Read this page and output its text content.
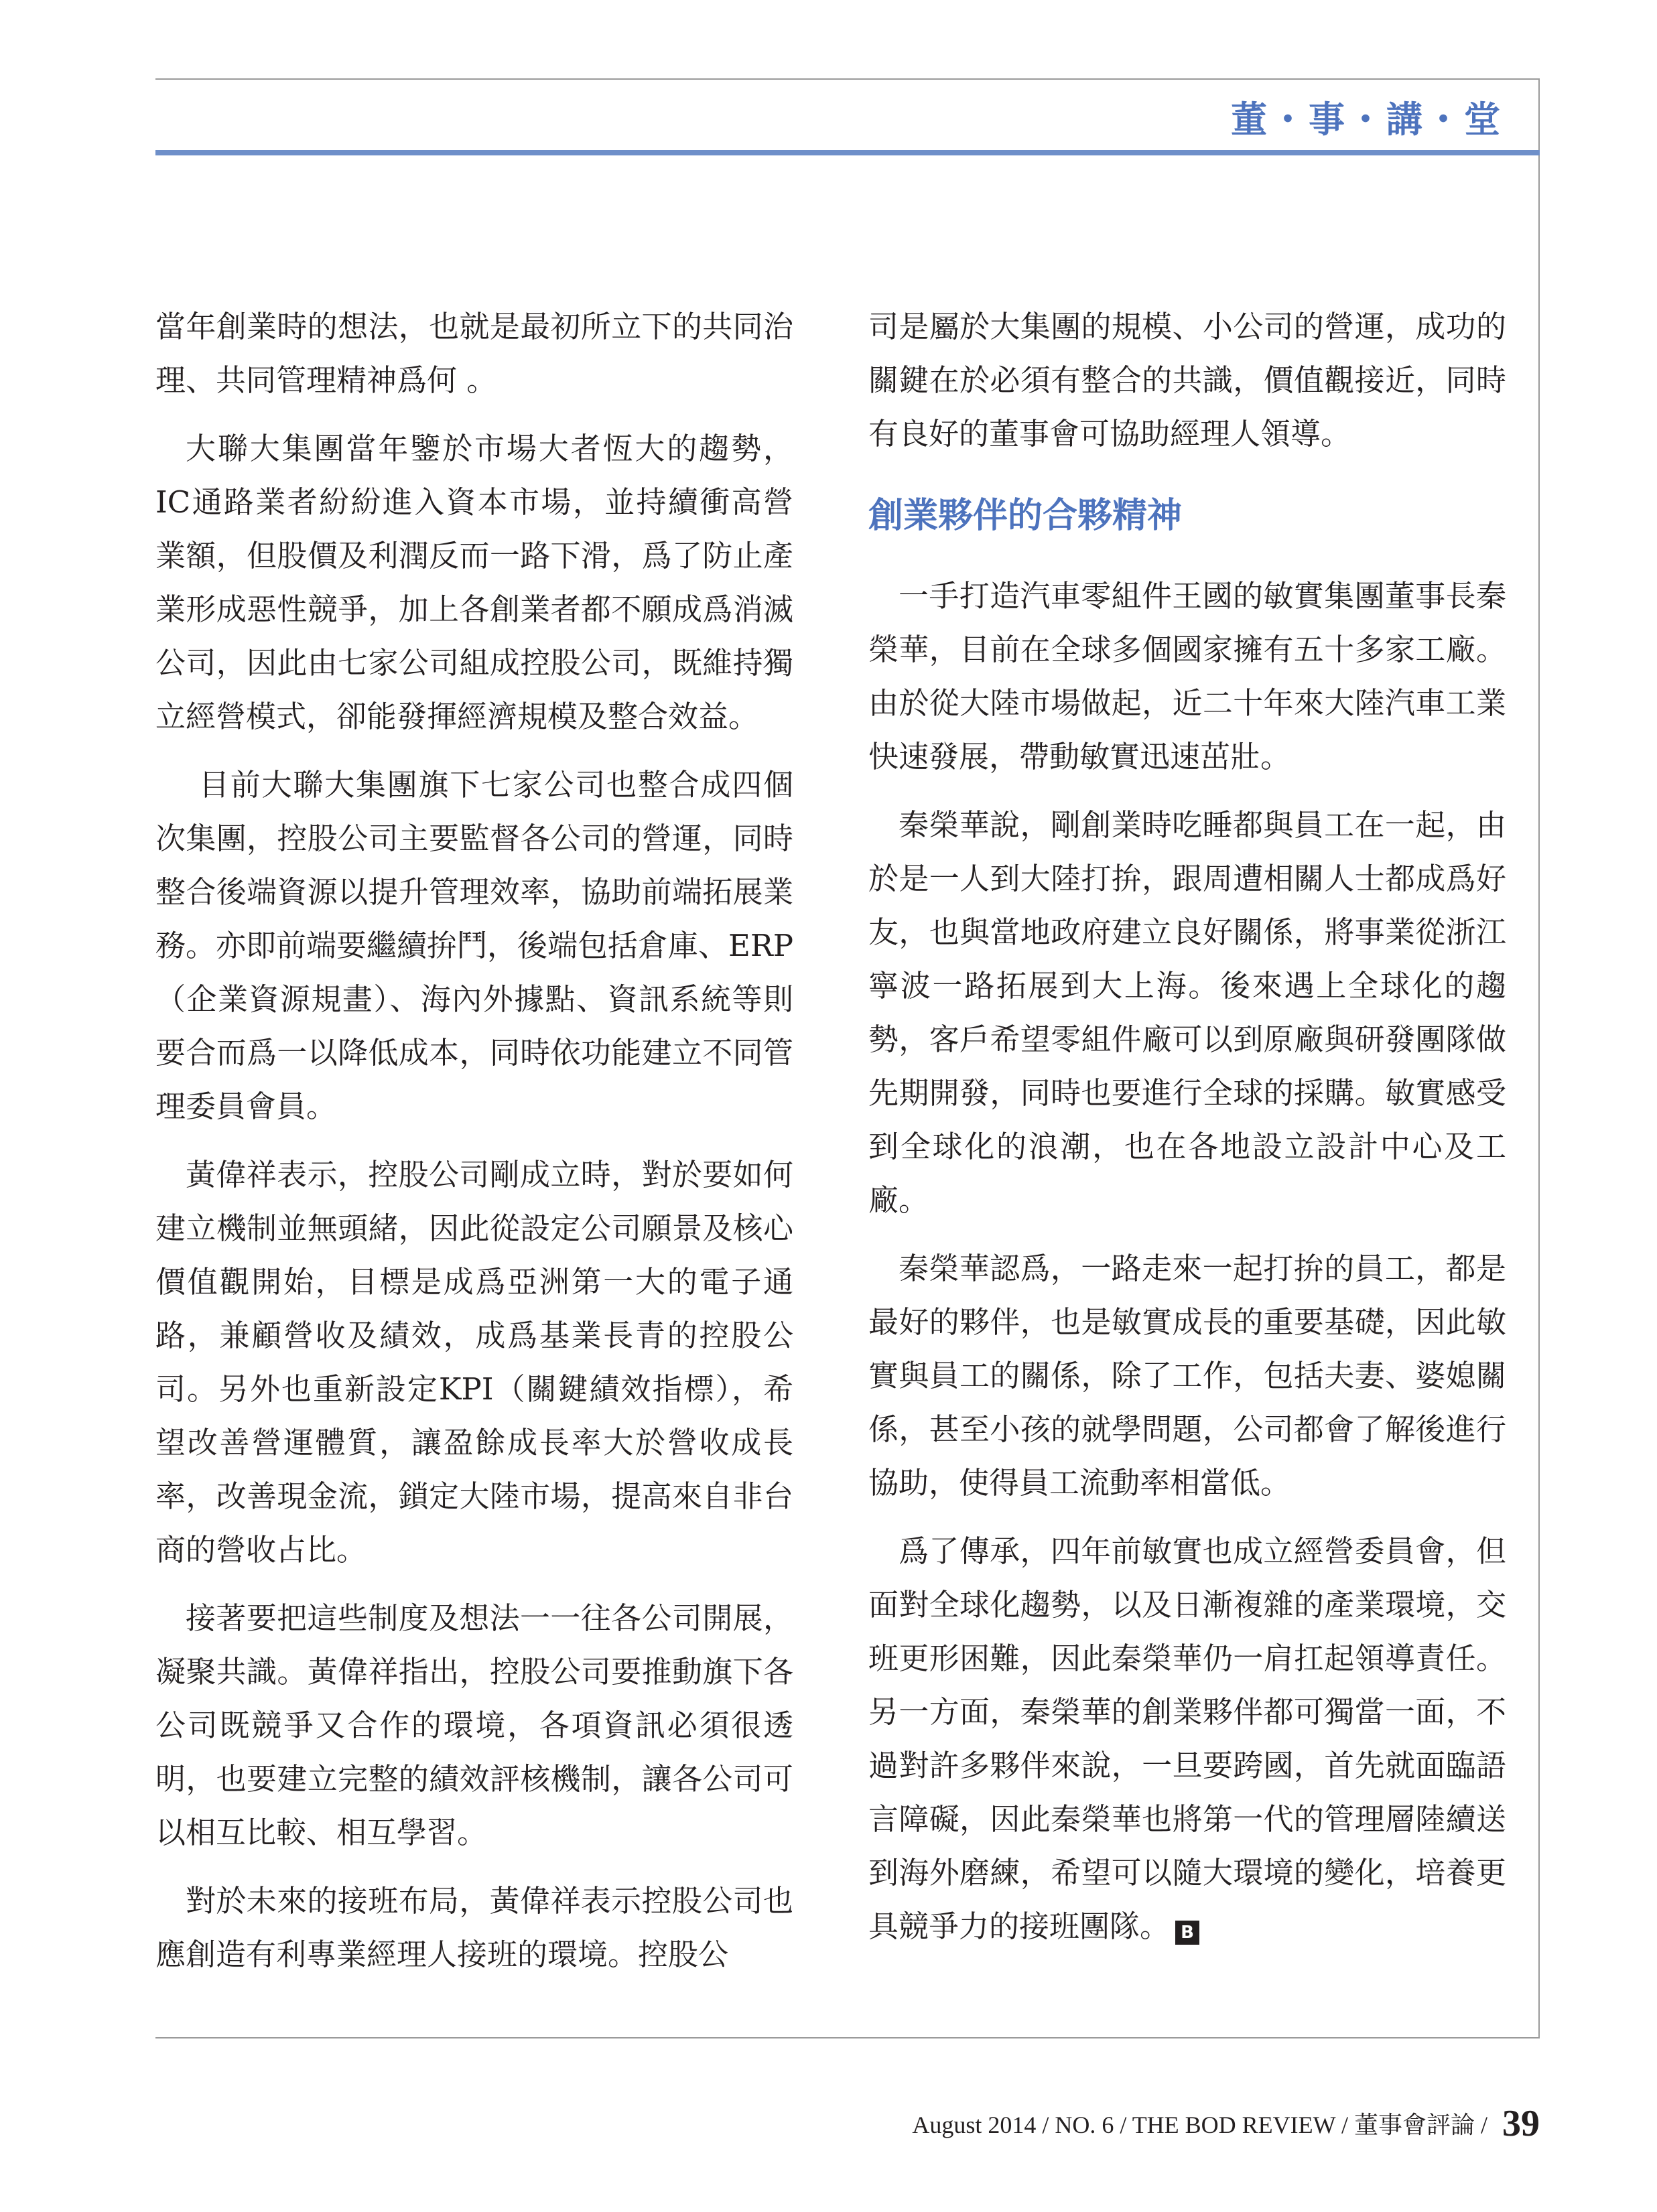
董・事・講・堂

當年創業時的想法，也就是最初所立下的共同治理、共同管理精神爲何 。

大聯大集團當年鑒於市場大者恆大的趨勢，IC通路業者紛紛進入資本市場，並持續衝高營業額，但股價及利潤反而一路下滑，爲了防止產業形成惡性競爭，加上各創業者都不願成爲消滅公司，因此由七家公司組成控股公司，既維持獨立經營模式，卻能發揮經濟規模及整合效益。

目前大聯大集團旗下七家公司也整合成四個次集團，控股公司主要監督各公司的營運，同時整合後端資源以提升管理效率，協助前端拓展業務。亦即前端要繼續拚鬥，後端包括倉庫、ERP（企業資源規畫）、海內外據點、資訊系統等則要合而爲一以降低成本，同時依功能建立不同管理委員會員。

黃偉祥表示，控股公司剛成立時，對於要如何建立機制並無頭緒，因此從設定公司願景及核心價值觀開始，目標是成爲亞洲第一大的電子通路，兼顧營收及績效，成爲基業長青的控股公司。另外也重新設定KPI（關鍵績效指標），希望改善營運體質，讓盈餘成長率大於營收成長率，改善現金流，鎖定大陸市場，提高來自非台商的營收占比。

接著要把這些制度及想法一一往各公司開展，凝聚共識。黃偉祥指出，控股公司要推動旗下各公司既競爭又合作的環境，各項資訊必須很透明，也要建立完整的績效評核機制，讓各公司可以相互比較、相互學習。

對於未來的接班布局，黃偉祥表示控股公司也應創造有利專業經理人接班的環境。控股公

司是屬於大集團的規模、小公司的營運，成功的關鍵在於必須有整合的共識，價值觀接近，同時有良好的董事會可協助經理人領導。

創業夥伴的合夥精神

一手打造汽車零組件王國的敏實集團董事長秦榮華，目前在全球多個國家擁有五十多家工廠。由於從大陸市場做起，近二十年來大陸汽車工業快速發展，帶動敏實迅速茁壯。

秦榮華說，剛創業時吃睡都與員工在一起，由於是一人到大陸打拚，跟周遭相關人士都成爲好友，也與當地政府建立良好關係，將事業從浙江寧波一路拓展到大上海。後來遇上全球化的趨勢，客戶希望零組件廠可以到原廠與研發團隊做先期開發，同時也要進行全球的採購。敏實感受到全球化的浪潮，也在各地設立設計中心及工廠。

秦榮華認爲，一路走來一起打拚的員工，都是最好的夥伴，也是敏實成長的重要基礎，因此敏實與員工的關係，除了工作，包括夫妻、婆媳關係，甚至小孩的就學問題，公司都會了解後進行協助，使得員工流動率相當低。

爲了傳承，四年前敏實也成立經營委員會，但面對全球化趨勢，以及日漸複雜的產業環境，交班更形困難，因此秦榮華仍一肩扛起領導責任。另一方面，秦榮華的創業夥伴都可獨當一面，不過對許多夥伴來說，一旦要跨國，首先就面臨語言障礙，因此秦榮華也將第一代的管理層陸續送到海外磨練，希望可以隨大環境的變化，培養更具競爭力的接班團隊。 B

August 2014 / NO. 6 / THE BOD REVIEW / 董事會評論 / 39
